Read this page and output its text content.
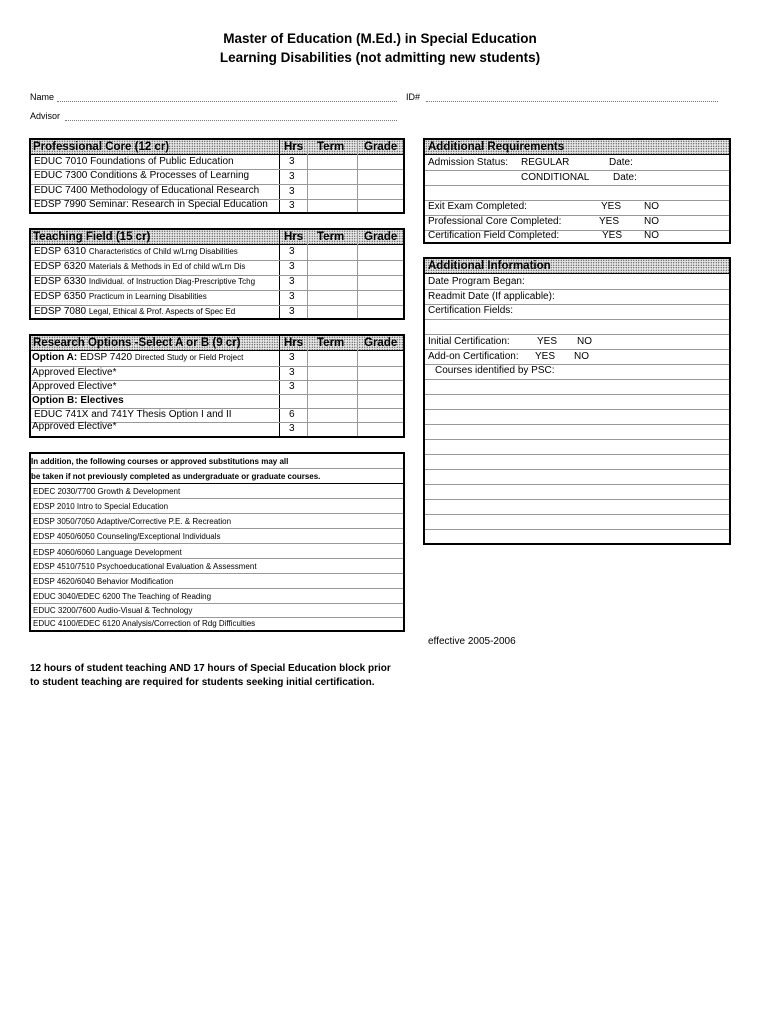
Master of Education (M.Ed.) in Special Education
Learning Disabilities (not admitting new students)
Name	ID#
Advisor
Professional Core (12 cr)	Hrs Term Grade
EDUC 7010 Foundations of Public Education	3
EDUC 7300 Conditions & Processes of Learning	3
EDUC 7400 Methodology of Educational Research	3
EDSP 7990 Seminar: Research in Special Education 3
Teaching Field (15 cr)	Hrs Term Grade
EDSP 6310 Characteristics of Child w/Lrng Disabilities	3
EDSP 6320 Materials & Methods in Ed of child w/Lrn Dis	3
EDSP 6330 Individual. of Instruction Diag-Prescriptive Tchg	3
EDSP 6350 Practicum in Learning Disabilities	3
EDSP 7080 Legal, Ethical & Prof. Aspects of Spec Ed	3
Research Options -Select A or B (9 cr)	Hrs Term Grade
Option A: EDSP 7420 Directed Study or Field Project	3
Approved Elective*	3
Approved Elective*	3
Option B: Electives
EDUC 741X and 741Y Thesis Option I and II	6
Approved Elective*	3
In addition, the following courses or approved substitutions may all
be taken if not previously completed as undergraduate or graduate courses.
EDEC 2030/7700 Growth & Development
EDSP 2010 Intro to Special Education
EDSP 3050/7050 Adaptive/Corrective P.E. & Recreation
EDSP 4050/6050 Counseling/Exceptional Individuals
EDSP 4060/6060 Language Development
EDSP 4510/7510 Psychoeducational Evaluation & Assessment
EDSP 4620/6040 Behavior Modification
EDUC 3040/EDEC 6200 The Teaching of Reading
EDUC 3200/7600 Audio-Visual & Technology
EDUC 4100/EDEC 6120 Analysis/Correction of Rdg Difficulties
Additional Requirements
Admission Status: REGULAR	Date:
CONDITIONAL Date:
Exit Exam Completed:	YES NO
Professional Core Completed:	YES NO
Certification Field Completed:	YES NO
Additional Information
Date Program Began:
Readmit Date (If applicable):
Certification Fields:
Initial Certification:	YES NO
Add-on Certification: YES NO
Courses identified by PSC:
effective 2005-2006
12 hours of student teaching AND 17 hours of Special Education block prior
to student teaching are required for students seeking initial certification.
